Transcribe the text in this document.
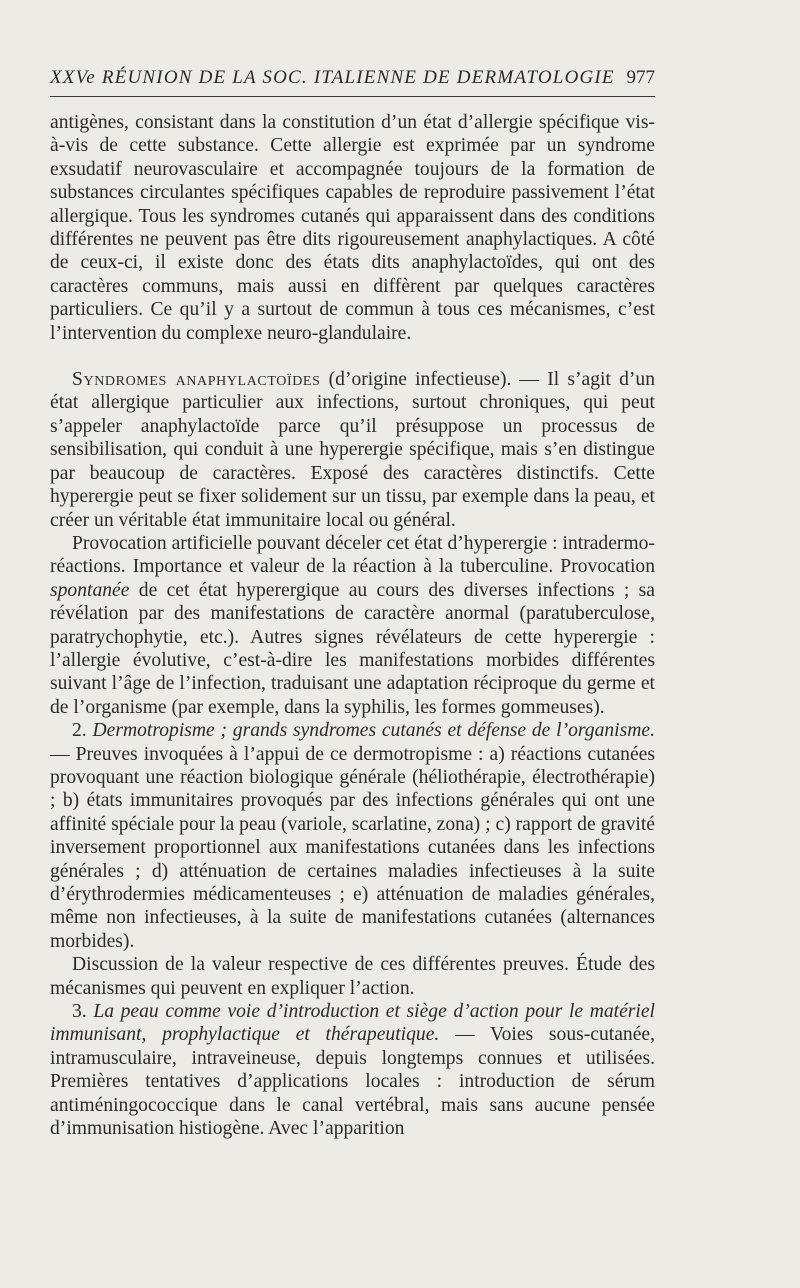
XXVe RÉUNION DE LA SOC. ITALIENNE DE DERMATOLOGIE 977

antigènes, consistant dans la constitution d’un état d’allergie spécifique vis-à-vis de cette substance. Cette allergie est exprimée par un syndrome exsudatif neurovasculaire et accompagnée toujours de la formation de substances circulantes spécifiques capables de reproduire passivement l’état allergique. Tous les syndromes cutanés qui apparaissent dans des conditions différentes ne peuvent pas être dits rigoureusement anaphylactiques. A côté de ceux-ci, il existe donc des états dits anaphylactoïdes, qui ont des caractères communs, mais aussi en diffèrent par quelques caractères particuliers. Ce qu’il y a surtout de commun à tous ces mécanismes, c’est l’intervention du complexe neuro-glandulaire.

Syndromes anaphylactoïdes (d’origine infectieuse). — Il s’agit d’un état allergique particulier aux infections, surtout chroniques, qui peut s’appeler anaphylactoïde parce qu’il présuppose un processus de sensibilisation, qui conduit à une hyperergie spécifique, mais s’en distingue par beaucoup de caractères. Exposé des caractères distinctifs. Cette hyperergie peut se fixer solidement sur un tissu, par exemple dans la peau, et créer un véritable état immunitaire local ou général.

Provocation artificielle pouvant déceler cet état d’hyperergie : intradermo-réactions. Importance et valeur de la réaction à la tuberculine. Provocation spontanée de cet état hyperergique au cours des diverses infections ; sa révélation par des manifestations de caractère anormal (paratuberculose, paratrychophytie, etc.). Autres signes révélateurs de cette hyperergie : l’allergie évolutive, c’est-à-dire les manifestations morbides différentes suivant l’âge de l’infection, traduisant une adaptation réciproque du germe et de l’organisme (par exemple, dans la syphilis, les formes gommeuses).

2. Dermotropisme ; grands syndromes cutanés et défense de l’organisme. — Preuves invoquées à l’appui de ce dermotropisme : a) réactions cutanées provoquant une réaction biologique générale (héliothérapie, électrothérapie) ; b) états immunitaires provoqués par des infections générales qui ont une affinité spéciale pour la peau (variole, scarlatine, zona) ; c) rapport de gravité inversement proportionnel aux manifestations cutanées dans les infections générales ; d) atténuation de certaines maladies infectieuses à la suite d’érythrodermies médicamenteuses ; e) atténuation de maladies générales, même non infectieuses, à la suite de manifestations cutanées (alternances morbides).

Discussion de la valeur respective de ces différentes preuves. Étude des mécanismes qui peuvent en expliquer l’action.

3. La peau comme voie d’introduction et siège d’action pour le matériel immunisant, prophylactique et thérapeutique. — Voies sous-cutanée, intramusculaire, intraveineuse, depuis longtemps connues et utilisées. Premières tentatives d’applications locales : introduction de sérum antiméningococcique dans le canal vertébral, mais sans aucune pensée d’immunisation histiogène. Avec l’apparition
